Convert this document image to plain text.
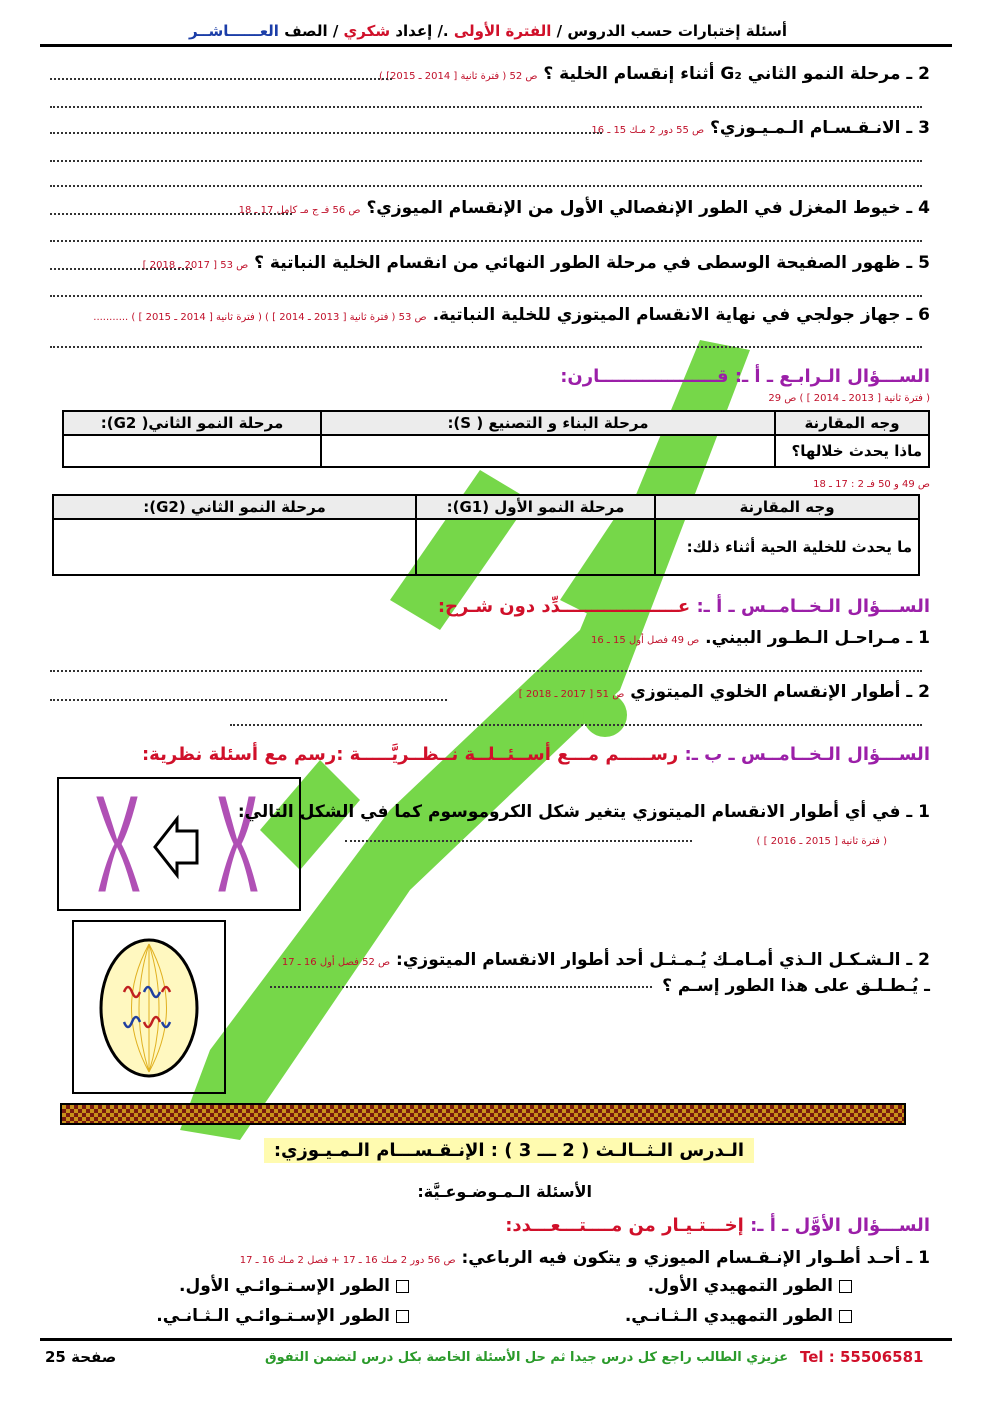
أسئلة إختبارات حسب الدروس / الفترة الأولى ./ إعداد شكري / الصف العــــــاشــر
2 ـ مرحلة النمو الثاني G₂ أثناء إنقسام الخلية ؟ ص 52 ( فترة ثانية [ 2014 ـ 2015] )
3 ـ الانـقـسـام الـمـيـوزي؟ ص 55 دور 2 مـك 15 ـ 16
4 ـ خيوط المغزل في الطور الإنفصالي الأول من الإنقسام الميوزي؟ ص 56 فـ ج مـ كامل 17 ـ 18
5 ـ ظهور الصفيحة الوسطى في مرحلة الطور النهائي من انقسام الخلية النباتية ؟ ص 53 [ 2017 ـ 2018 ]
6 ـ جهاز جولجي في نهاية الانقسام الميتوزي للخلية النباتية. ص 53 ( فترة ثانية [ 2013 ـ 2014 ] ) ( فترة ثانية [ 2014 ـ 2015 ] ) ...........
الســـؤال الـرابـع ـ أ ـ: قـــــــــــــــــــارن:
( فترة ثانية [ 2013 ـ 2014 ] ) ص 29
وجه المقارنة	مرحلة البناء و التصنيع ( S):	مرحلة النمو الثاني( G2):
ماذا يحدث خلالها؟		
ص 49 و 50 فـ 2 : 17 ـ 18
وجه المقارنة	مرحلة النمو الأول (G1):	مرحلة النمو الثاني (G2):
ما يحدث للخلية الحية أثناء ذلك:		
الســـؤال الـخــامــس ـ أ ـ: عـــــــــــــــــــدِّد دون شـرح:
1 ـ مـراحـل الـطـور البيني. ص 49 فصل أول 15 ـ 16
2 ـ أطوار الإنقسام الخلوي الميتوزي ص 51 [ 2017 ـ 2018 ]
الســـؤال الـخــامــس ـ ب ـ: رســـــم مـــع أســئــلــة نــظــريَّـــــة :رسم مع أسئلة نظرية:
1 ـ في أي أطوار الانقسام الميتوزي يتغير شكل الكروموسوم كما في الشكل التالي:
( فترة ثانية [ 2015 ـ 2016 ] )
2 ـ الـشـكـل الـذي أمـامـك يُـمـثـل أحد أطوار الانقسام الميتوزي: ص 52 فصل أول 16 ـ 17
ـ يُـطـلـق على هذا الطور إسـم ؟
الـدرس الـثــالـث ( 2 ـــ 3 ) : الإنـقـســـام الـمـيـوزي:
الأسئلة الـمـوضـوعـيَّة:
الســـؤال الأوَّل ـ أ ـ: إخـــتـيـار من مــــتـــعـــدد:
1 ـ أحـد أطـوار الإنـقـسام الميوزي و يتكون فيه الرباعي: ص 56 دور 2 مـك 16 ـ 17 + فصل 2 مـك 16 ـ 17
الطور التمهيدي الأول.
الطور الإسـتـوائـي الأول.
الطور التمهيدي الـثـانـي.
الطور الإسـتـوائـي الـثـانـي.
Tel : 55506581
عزيزي الطالب راجع كل درس جيدا ثم حل الأسئلة الخاصة بكل درس لتضمن التفوق
صفحة 25
